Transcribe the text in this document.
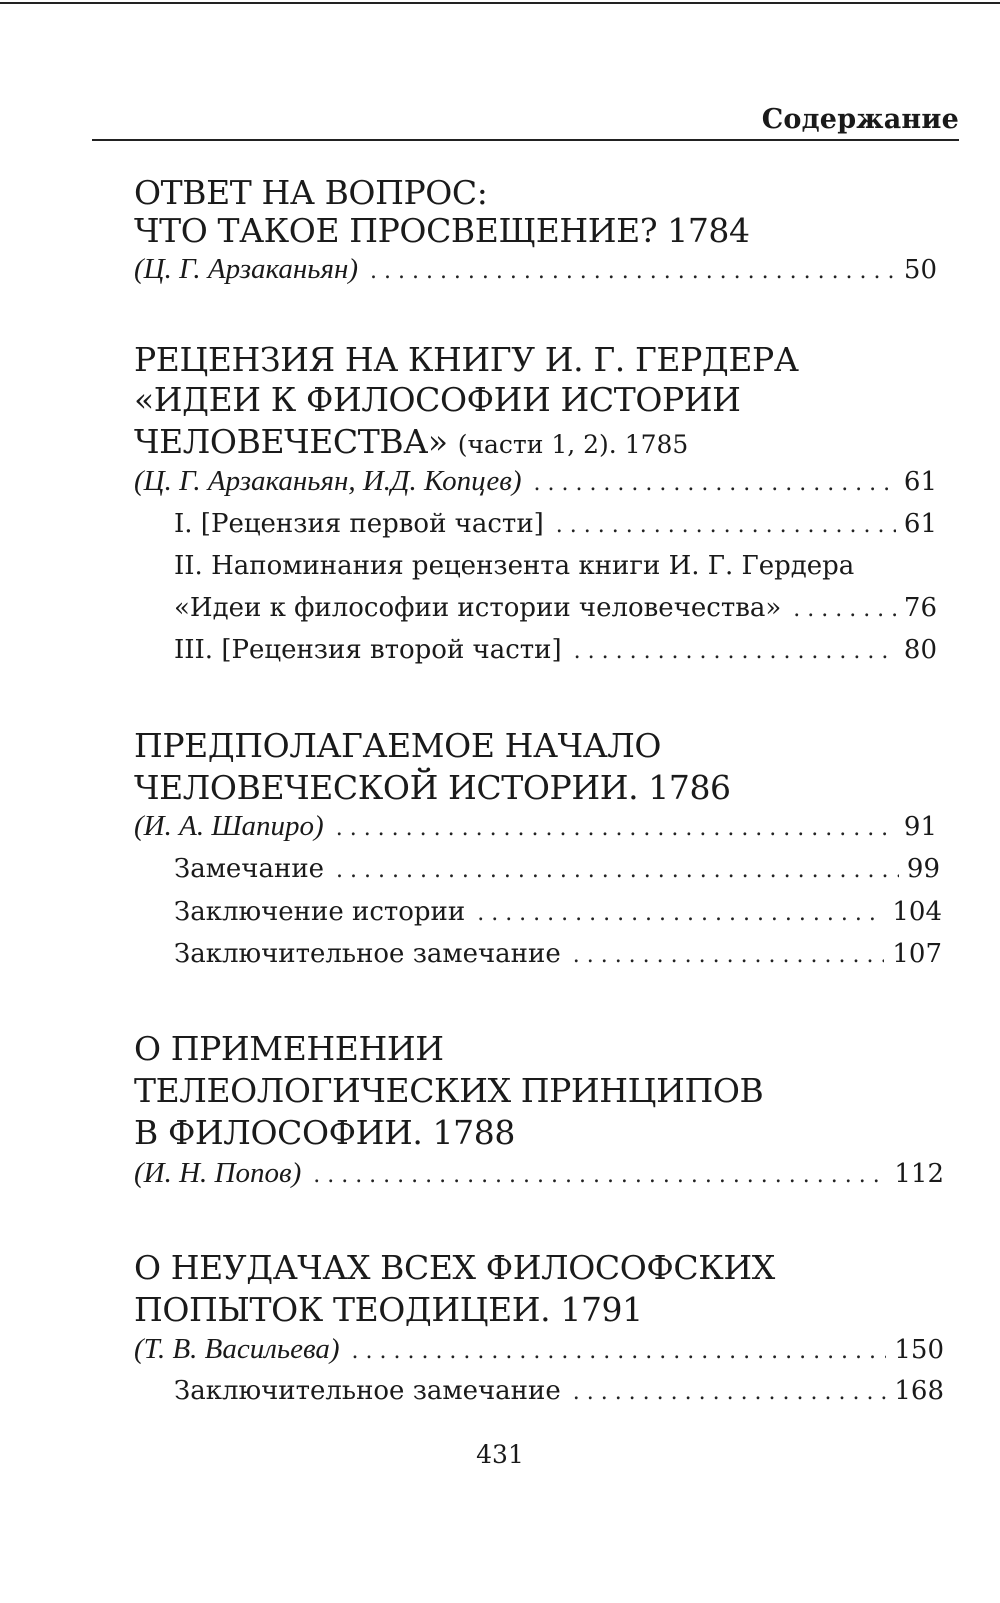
Содержание
ОТВЕТ НА ВОПРОС:
ЧТО ТАКОЕ ПРОСВЕЩЕНИЕ? 1784
(Ц. Г. Арзаканьян) . . .	50
РЕЦЕНЗИЯ НА КНИГУ И. Г. ГЕРДЕРА
«ИДЕИ К ФИЛОСОФИИ ИСТОРИИ
ЧЕЛОВЕЧЕСТВА» (части 1, 2). 1785
(Ц. Г. Арзаканьян, И.Д. Копцев) . . .	61
I. [Рецензия первой части] . . .	61
II. Напоминания рецензента книги И. Г. Гердера
«Идеи к философии истории человечества» . . .	76
III. [Рецензия второй части] . . .	80
ПРЕДПОЛАГАЕМОЕ НАЧАЛО
ЧЕЛОВЕЧЕСКОЙ ИСТОРИИ. 1786
(И. А. Шапиро) . . .	91
Замечание . . .	99
Заключение истории . . .	104
Заключительное замечание . . .	107
О ПРИМЕНЕНИИ
ТЕЛЕОЛОГИЧЕСКИХ ПРИНЦИПОВ
В ФИЛОСОФИИ. 1788
(И. Н. Попов) . . .	112
О НЕУДАЧАХ ВСЕХ ФИЛОСОФСКИХ
ПОПЫТОК ТЕОДИЦЕИ. 1791
(Т. В. Васильева) . . .	150
Заключительное замечание . . .	168
431
